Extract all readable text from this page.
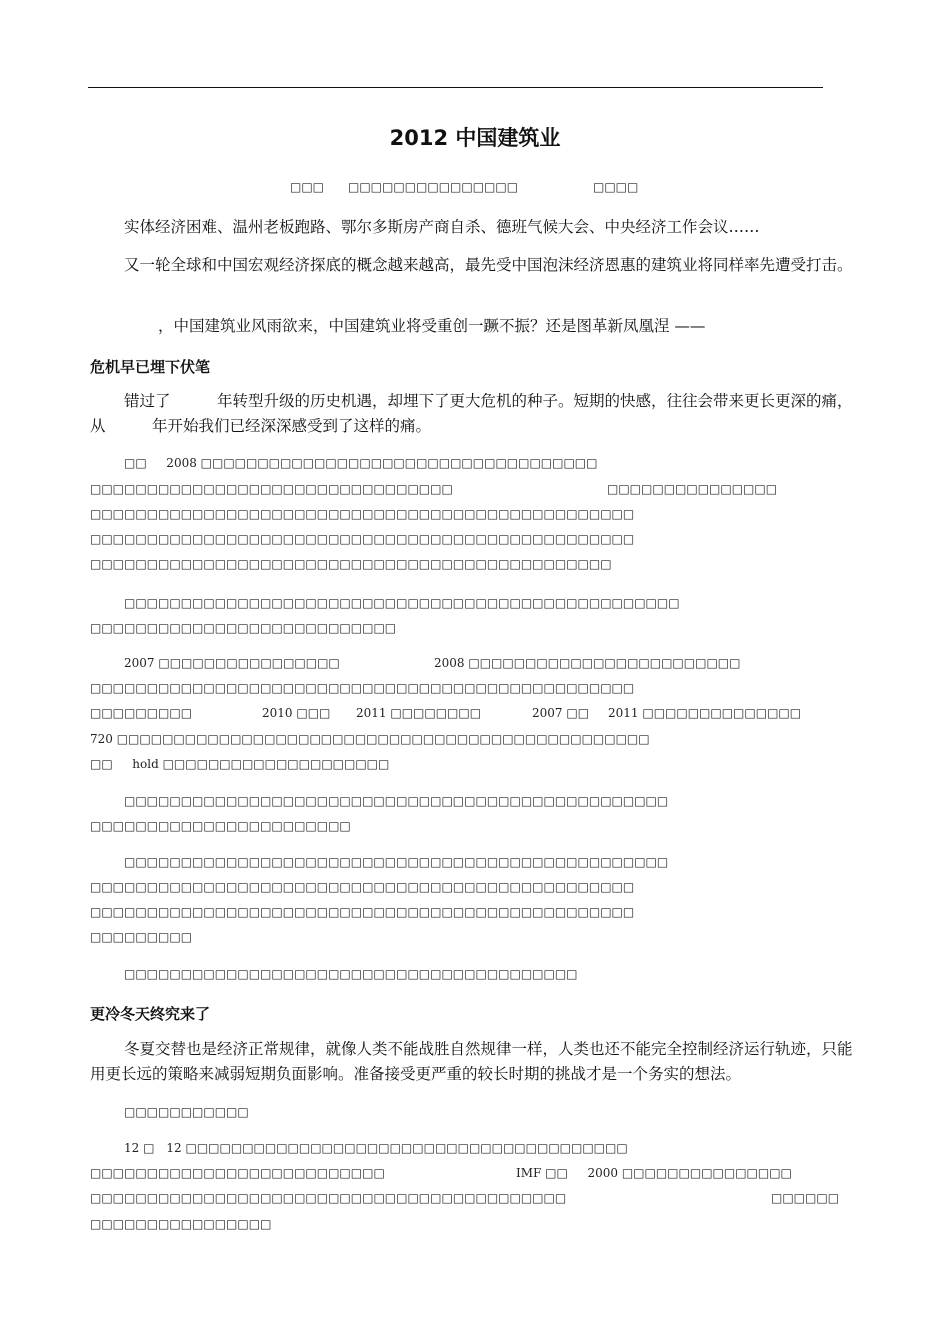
2012 中国建筑业
□□□ □□□□□□□□□□□□□□□	□□□□

实体经济困难、温州老板跑路、鄂尔多斯房产商自杀、德班气候大会、中央经济工作会议……

又一轮全球和中国宏观经济探底的概念越来越高，最先受中国泡沫经济恩惠的建筑业将同样率先遭受打击。

，中国建筑业风雨欲来，中国建筑业将受重创一蹶不振？还是图革新凤凰涅 ——

危机早已埋下伏笔

错过了　　　年转型升级的历史机遇，却埋下了更大危机的种子。短期的快感，往往会带来更长更深的痛，从　　　年开始我们已经深深感受到了这样的痛。

□□　  2008 □□□□□□□□□□□□□□□□□□□□□□□□□□□□□□□□□□□
□□□□□□□□□□□□□□□□□□□□□□□□□□□□□□□□	□□□□□□□□□□□□□□□
□□□□□□□□□□□□□□□□□□□□□□□□□□□□□□□□□□□□□□□□□□□□□□□□
□□□□□□□□□□□□□□□□□□□□□□□□□□□□□□□□□□□□□□□□□□□□□□□□
□□□□□□□□□□□□□□□□□□□□□□□□□□□□□□□□□□□□□□□□□□□□□□
□□□□□□□□□□□□□□□□□□□□□□□□□□□□□□□□□□□□□□□□□□□□□□□□□
□□□□□□□□□□□□□□□□□□□□□□□□□□□
2007 □□□□□□□□□□□□□□□□	2008 □□□□□□□□□□□□□□□□□□□□□□□□
□□□□□□□□□□□□□□□□□□□□□□□□□□□□□□□□□□□□□□□□□□□□□□□□
□□□□□□□□□	2010 □□□ 2011 □□□□□□□□	2007 □□ 2011 □□□□□□□□□□□□□□
720 □□□□□□□□□□□□□□□□□□□□□□□□□□□□□□□□□□□□□□□□□□□□□□□
□□　  hold □□□□□□□□□□□□□□□□□□□□
□□□□□□□□□□□□□□□□□□□□□□□□□□□□□□□□□□□□□□□□□□□□□□□□
□□□□□□□□□□□□□□□□□□□□□□□
□□□□□□□□□□□□□□□□□□□□□□□□□□□□□□□□□□□□□□□□□□□□□□□□
□□□□□□□□□□□□□□□□□□□□□□□□□□□□□□□□□□□□□□□□□□□□□□□□
□□□□□□□□□□□□□□□□□□□□□□□□□□□□□□□□□□□□□□□□□□□□□□□□
□□□□□□□□□
□□□□□□□□□□□□□□□□□□□□□□□□□□□□□□□□□□□□□□□□
更冷冬天终究来了

冬夏交替也是经济正常规律，就像人类不能战胜自然规律一样，人类也还不能完全控制经济运行轨迹，只能用更长远的策略来减弱短期负面影响。准备接受更严重的较长时期的挑战才是一个务实的想法。

□□□□□□□□□□□
12 □　12 □□□□□□□□□□□□□□□□□□□□□□□□□□□□□□□□□□□□□□□
□□□□□□□□□□□□□□□□□□□□□□□□□□	IMF □□　  2000 □□□□□□□□□□□□□□□
□□□□□□□□□□□□□□□□□□□□□□□□□□□□□□□□□□□□□□□□□□	□□□□□□
□□□□□□□□□□□□□□□□
